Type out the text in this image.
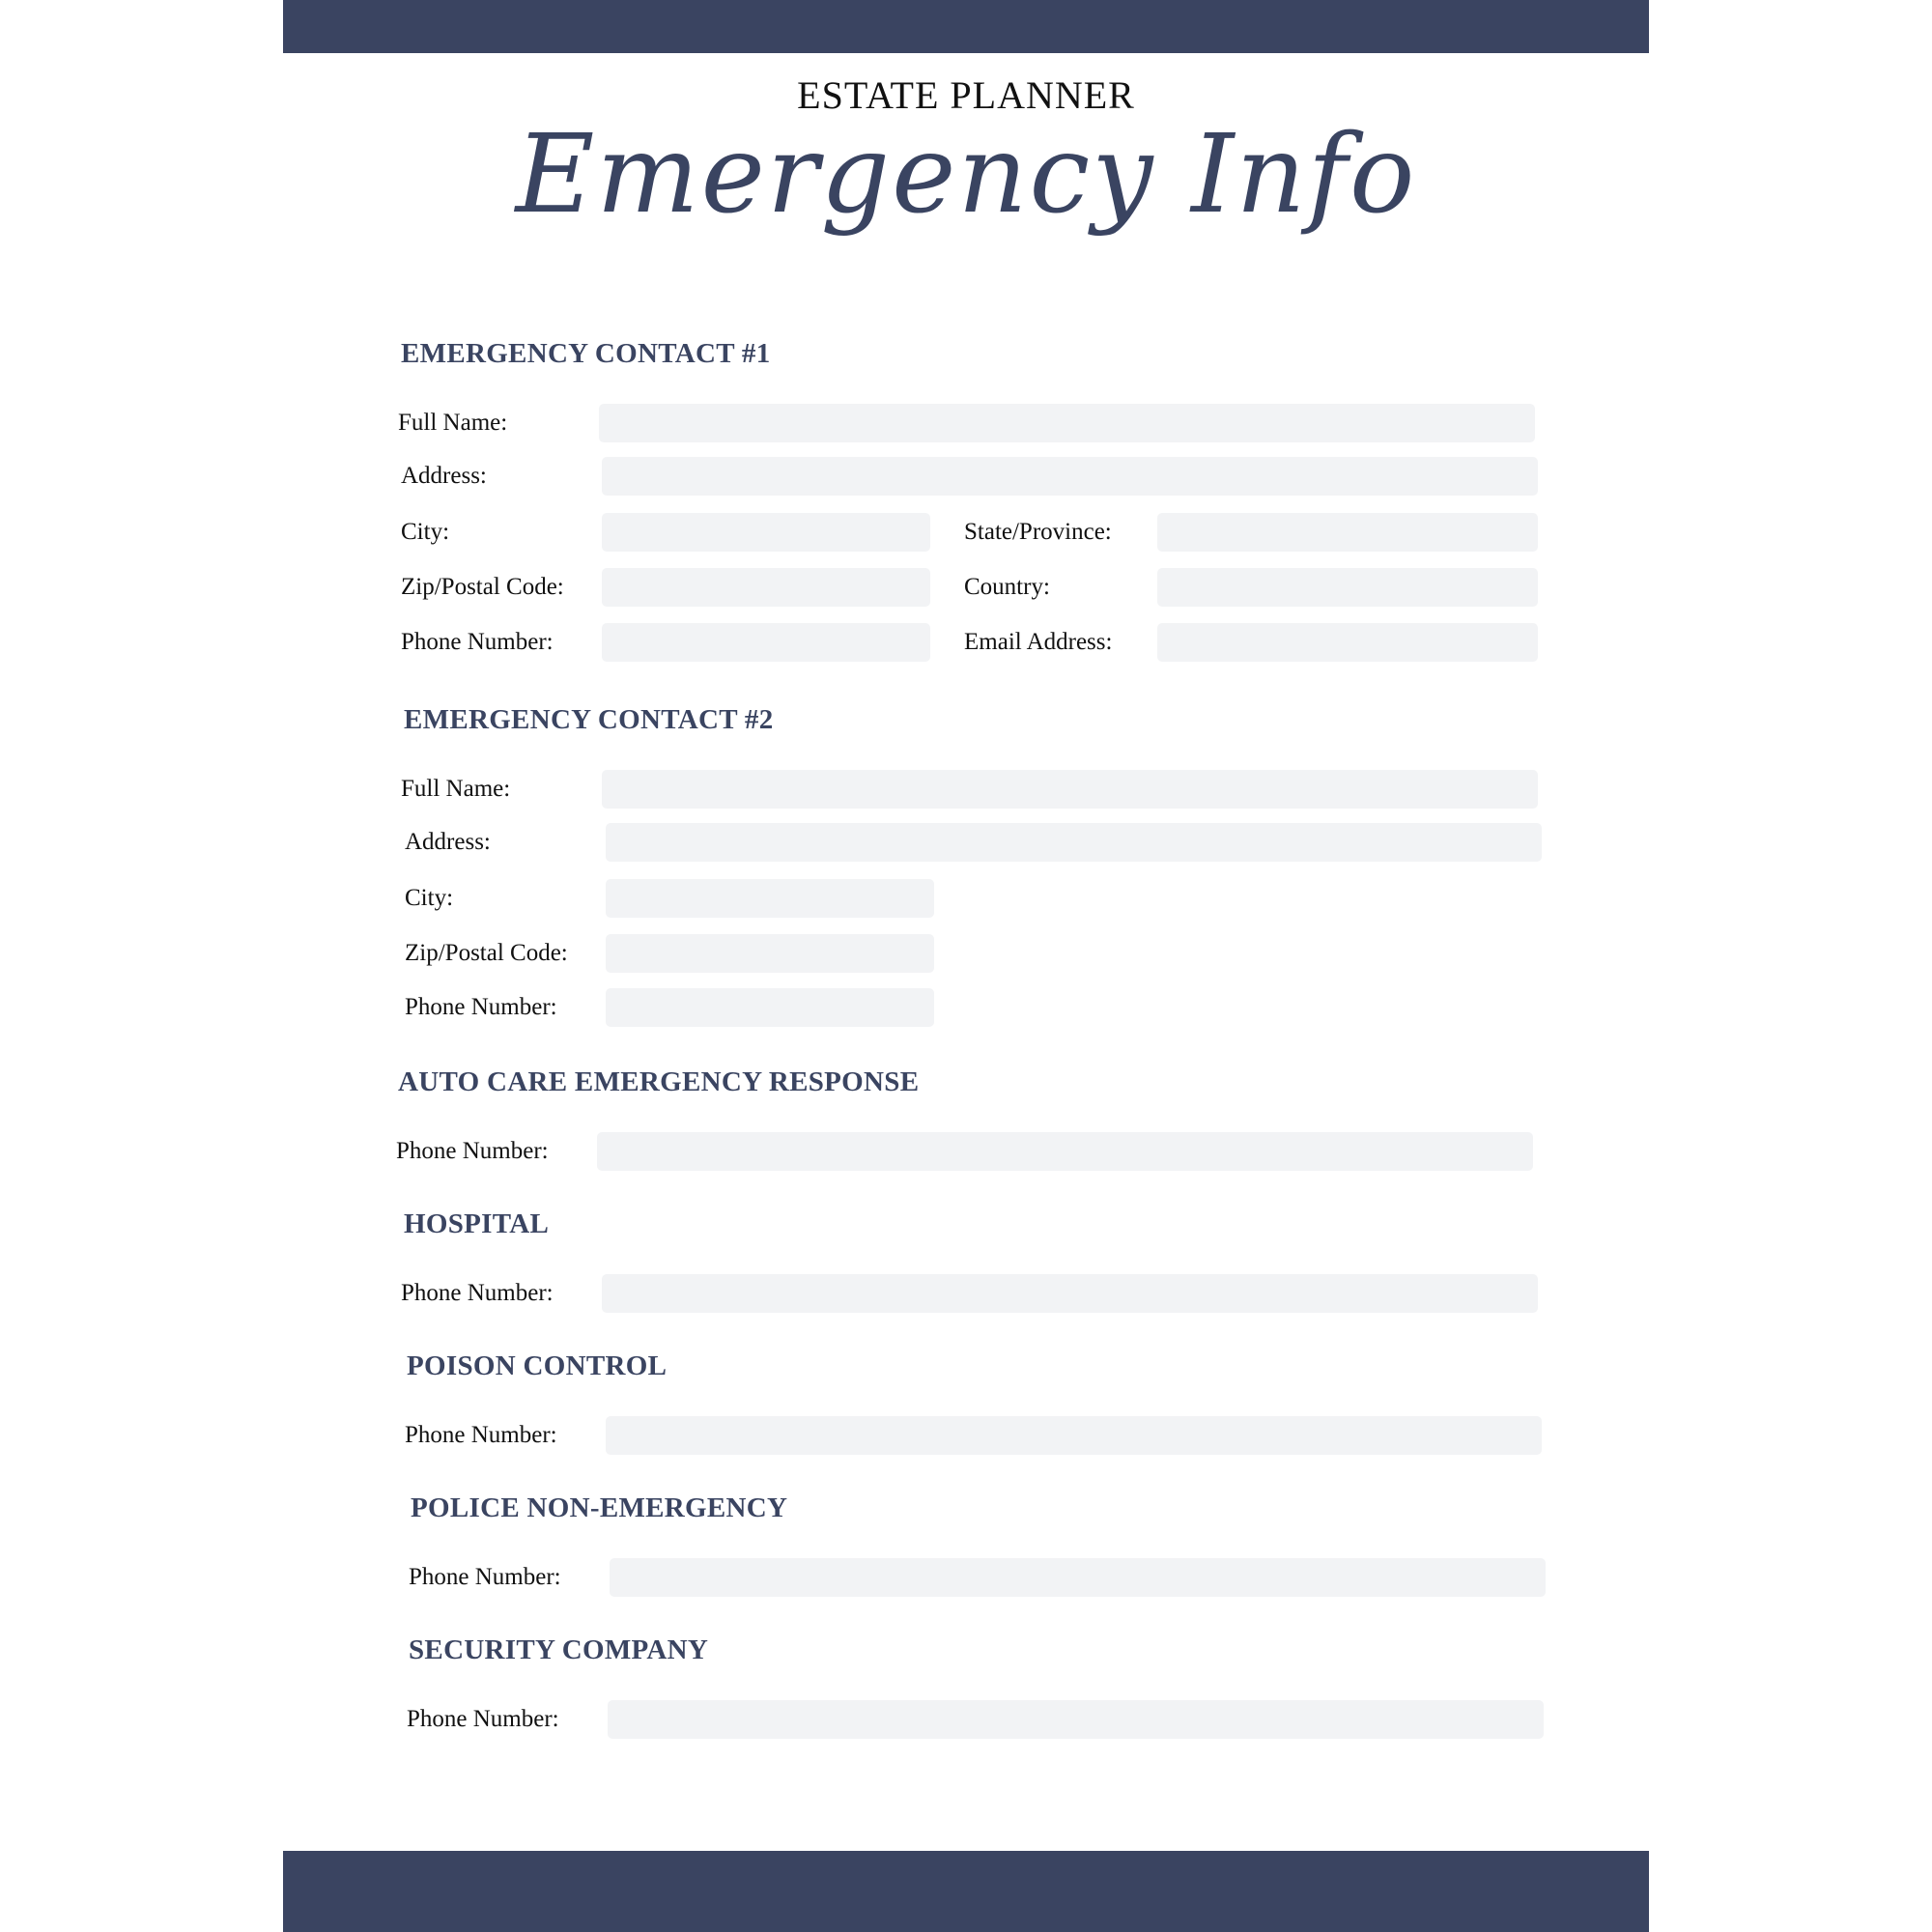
ESTATE PLANNER
Emergency Info
EMERGENCY CONTACT #1
Full Name:
Address:
City:	State/Province:
Zip/Postal Code:	Country:
Phone Number:	Email Address:
EMERGENCY CONTACT #2
Full Name:
Address:
City:
Zip/Postal Code:
Phone Number:
AUTO CARE EMERGENCY RESPONSE
Phone Number:
HOSPITAL
Phone Number:
POISON CONTROL
Phone Number:
POLICE NON-EMERGENCY
Phone Number:
SECURITY COMPANY
Phone Number:
